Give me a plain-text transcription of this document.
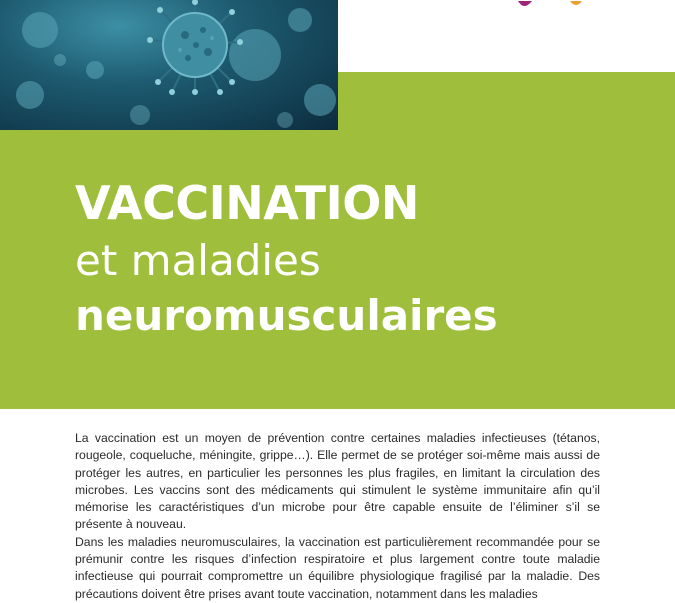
VACCINATION
et maladies
neuromusculaires

La vaccination est un moyen de prévention contre certaines maladies infectieuses (tétanos, rougeole, coqueluche, méningite, grippe…). Elle permet de se protéger soi-même mais aussi de protéger les autres, en particulier les personnes les plus fragiles, en limitant la circulation des microbes. Les vaccins sont des médicaments qui stimulent le système immunitaire afin qu’il mémorise les caractéristiques d’un microbe pour être capable ensuite de l’éliminer s’il se présente à nouveau.

Dans les maladies neuromusculaires, la vaccination est particulièrement recommandée pour se prémunir contre les risques d’infection respiratoire et plus largement contre toute maladie infectieuse qui pourrait compromettre un équilibre physiologique fragilisé par la maladie. Des précautions doivent être prises avant toute vaccination, notamment dans les maladies
